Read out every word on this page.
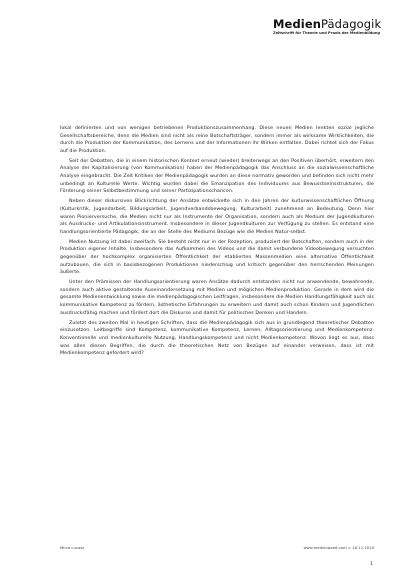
MedienPädagogik
Zeitschrift für Theorie und Praxis der Medienbildung

lokal definierten und von wenigen betriebenen Produktionszusammenhang. Diese neuen Medien lenkten sozial jegliche Gesellschaftsbereiche, denn die Medien sind nicht als reine Botschaftsträger, sondern immer als wirksame Wirklichkeiten, die durch die Produktion der Kommunikation, des Lernens und der Informationen ihr Wirken entfalten. Dabei richtet sich der Fokus auf die Produktion.

Seit der Debatten, die in einem historischen Kontext erneut (wieder) breiterwegs an den Positiven überhört, erweitern den Analyse der Kapitalisierung (von Kommunikation) haben der Medienpädagogik das Anschluss an die sozialwissenschaftliche Analyse eingebracht. Die Zeit Kritiken der Medienpädagogik wurden an diese normativ geworden und befinden sich nicht mehr unbedingt an Kulturelle Werte. Wichtig wurden dabei die Emanzipation des Individuums aus Bewusstseinsstrukturen, die Förderung seiner Selbstbestimmung und seiner Partizipationschancen.

Neben dieser diskursiven Blickrichtung der Ansätze entwickelte sich in den Jahren der kulturwissenschaftlichen Öffnung (Kulturkritik, Jugendarbeit, Bildungsarbeit, Jugendverbandsbewegung, Kulturarbeit) zunehmend an Bedeutung. Denn hier waren Pionierversuche, die Medien nicht nur als Instrumente der Organisation, sondern auch als Medium der Jugendkulturen als Ausdrucks- und Artikulationsinstrument. Insbesondere in dieser Jugendkulturen zur Verfügung zu stellen. Es entstand eine handlungsorientierte Pädagogik, die an der Stelle des Mediums Bezüge wie die Medien Natur-selbst.

Medien Nutzung ist dabei zweifach. Sie besteht nicht nur in der Rezeption, produziert der Botschaften, sondern auch in der Produktion eigener Inhalte. Insbesondere das Aufkommen des Videos und die damit verbundene Videobewegung versuchten gegenüber der hochkomplex organisierten Öffentlichkeit der etablierten Massenmedien eine alternative Öffentlichkeit aufzubauen, die sich in basisbezogenen Produktionen niederschlug und kritisch gegenüber den herrschenden Meinungen äußerte.

Unter den Prämissen der Handlungsorientierung waren Ansätze dadurch entstanden nicht nur anwendende, bewahrende, sondern auch aktive gestaltende Auseinandersetzung mit Medien und möglichen Medienproduktion. Gerade in dem wird die gesamte Medienentwicklung sowie die medienpädagogischen Leitfragen, insbesondere die Medien Handlungsfähigkeit auch als kommunikative Kompetenz zu fördern, ästhetische Erfahrungen zu erweitern und damit auch schon Kindern und Jugendlichen ausdrucksfähig machen und fördert dort die Diskurse und damit für politisches Denken und Handeln.

Zuletzt des zweiten Mal in heutigen Schriften, dass die Medienpädagogik sich aus in grundlegend theoretischer Debatten einzusetzen. Leitbegriffe sind Kompetenz, kommunikative Kompetenz, Lernen, Alltagsorientierung und Medienkompetenz. Konventionelle und medienkulturelle Nutzung, Handlungskompetenz und nicht Medienkompetenz. Wovon liegt es aus, dass was allen diesen Begriffen, die durch die theoretischen Netz von Bezügen auf einander verweisen, dass ist mit Medienkompetenz gefordert wird?

Mirco Lucasz	www.medienpaed.com > 16.11.2019
1
